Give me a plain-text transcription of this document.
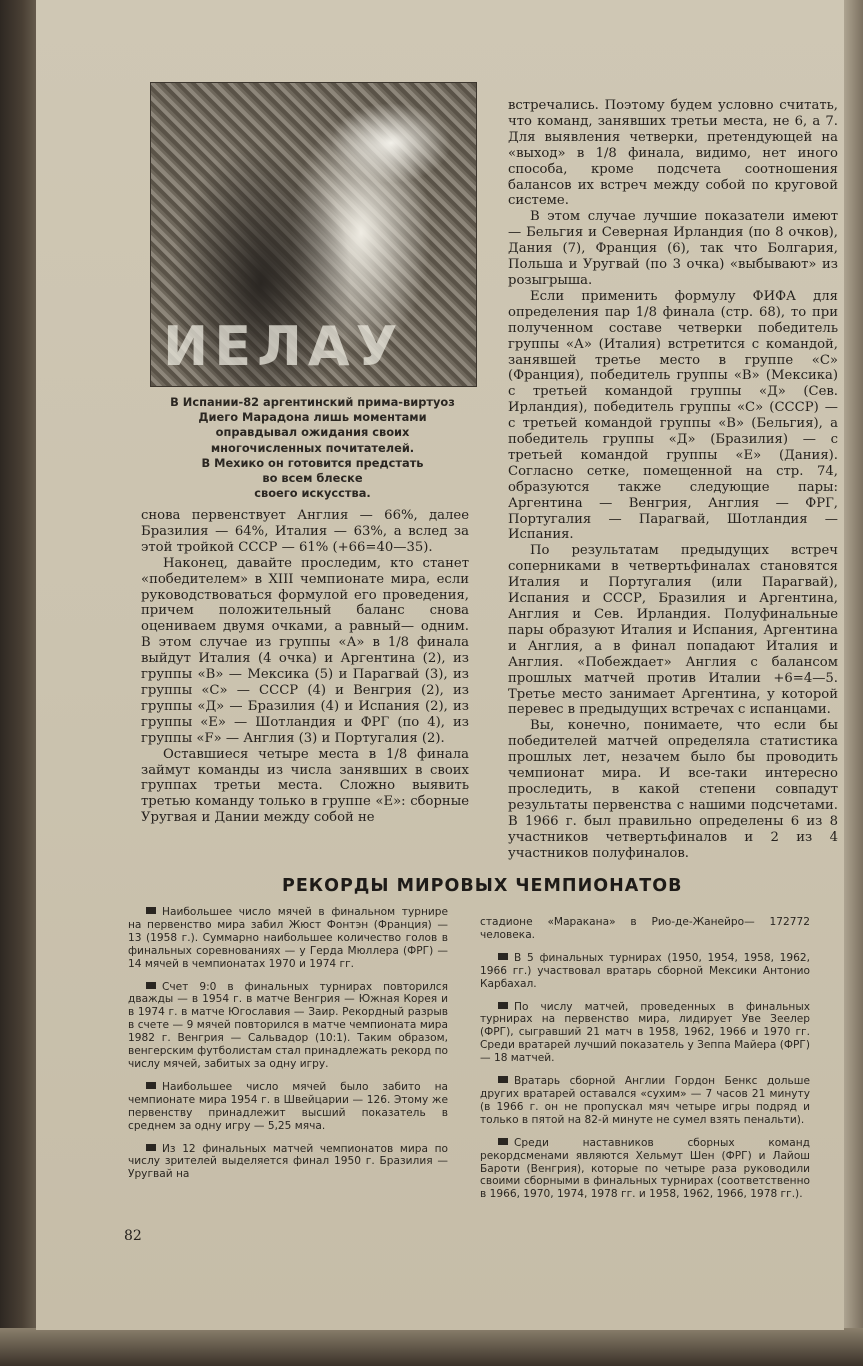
ИЕЛАУ
В Испании-82 аргентинский прима-виртуоз
Диего Марадона лишь моментами
оправдывал ожидания своих
многочисленных почитателей.
В Мехико он готовится предстать
во всем блеске
своего искусства.

встречались. Поэтому будем условно считать, что команд, занявших третьи места, не 6, а 7. Для выявления четверки, претендующей на «выход» в 1/8 финала, видимо, нет иного способа, кроме подсчета соотношения балансов их встреч между собой по круговой системе.

В этом случае лучшие показатели имеют — Бельгия и Северная Ирландия (по 8 очков), Дания (7), Франция (6), так что Болгария, Польша и Уругвай (по 3 очка) «выбывают» из розыгрыша.

Если применить формулу ФИФА для определения пар 1/8 финала (стр. 68), то при полученном составе четверки победитель группы «А» (Италия) встретится с командой, занявшей третье место в группе «С» (Франция), победитель группы «В» (Мексика) с третьей командой группы «Д» (Сев. Ирландия), победитель группы «С» (СССР) — с третьей командой группы «В» (Бельгия), а победитель группы «Д» (Бразилия) — с третьей командой группы «Е» (Дания). Согласно сетке, помещенной на стр. 74, образуются также следующие пары: Аргентина — Венгрия, Англия — ФРГ, Португалия — Парагвай, Шотландия — Испания.

По результатам предыдущих встреч соперниками в четвертьфиналах становятся Италия и Португалия (или Парагвай), Испания и СССР, Бразилия и Аргентина, Англия и Сев. Ирландия. Полуфинальные пары образуют Италия и Испания, Аргентина и Англия, а в финал попадают Италия и Англия. «Побеждает» Англия с балансом прошлых матчей против Италии +6=4—5. Третье место занимает Аргентина, у которой перевес в предыдущих встречах с испанцами.

Вы, конечно, понимаете, что если бы победителей матчей определяла статистика прошлых лет, незачем было бы проводить чемпионат мира. И все-таки интересно проследить, в какой степени совпадут результаты первенства с нашими подсчетами. В 1966 г. был правильно определены 6 из 8 участников четвертьфиналов и 2 из 4 участников полуфиналов.

снова первенствует Англия — 66%, далее Бразилия — 64%, Италия — 63%, а вслед за этой тройкой СССР — 61% (+66=40—35).

Наконец, давайте проследим, кто станет «победителем» в XIII чемпионате мира, если руководствоваться формулой его проведения, причем положительный баланс снова оцениваем двумя очками, а равный— одним. В этом случае из группы «А» в 1/8 финала выйдут Италия (4 очка) и Аргентина (2), из группы «В» — Мексика (5) и Парагвай (3), из группы «С» — СССР (4) и Венгрия (2), из группы «Д» — Бразилия (4) и Испания (2), из группы «Е» — Шотландия и ФРГ (по 4), из группы «F» — Англия (3) и Португалия (2).

Оставшиеся четыре места в 1/8 финала займут команды из числа занявших в своих группах третьи места. Сложно выявить третью команду только в группе «Е»: сборные Уругвая и Дании между собой не

РЕКОРДЫ МИРОВЫХ ЧЕМПИОНАТОВ

Наибольшее число мячей в финальном турнире на первенство мира забил Жюст Фонтэн (Франция) — 13 (1958 г.). Суммарно наибольшее количество голов в финальных соревнованиях — у Герда Мюллера (ФРГ) — 14 мячей в чемпионатах 1970 и 1974 гг.

Счет 9:0 в финальных турнирах повторился дважды — в 1954 г. в матче Венгрия — Южная Корея и в 1974 г. в матче Югославия — Заир. Рекордный разрыв в счете — 9 мячей повторился в матче чемпионата мира 1982 г. Венгрия — Сальвадор (10:1). Таким образом, венгерским футболистам стал принадлежать рекорд по числу мячей, забитых за одну игру.

Наибольшее число мячей было забито на чемпионате мира 1954 г. в Швейцарии — 126. Этому же первенству принадлежит высший показатель в среднем за одну игру — 5,25 мяча.

Из 12 финальных матчей чемпионатов мира по числу зрителей выделяется финал 1950 г. Бразилия — Уругвай на

стадионе «Маракана» в Рио-де-Жанейро— 172772 человека.

В 5 финальных турнирах (1950, 1954, 1958, 1962, 1966 гг.) участвовал вратарь сборной Мексики Антонио Карбахал.

По числу матчей, проведенных в финальных турнирах на первенство мира, лидирует Уве Зеелер (ФРГ), сыгравший 21 матч в 1958, 1962, 1966 и 1970 гг. Среди вратарей лучший показатель у Зеппа Майера (ФРГ) — 18 матчей.

Вратарь сборной Англии Гордон Бенкс дольше других вратарей оставался «сухим» — 7 часов 21 минуту (в 1966 г. он не пропускал мяч четыре игры подряд и только в пятой на 82-й минуте не сумел взять пенальти).

Среди наставников сборных команд рекордсменами являются Хельмут Шен (ФРГ) и Лайош Барoти (Венгрия), которые по четыре раза руководили своими сборными в финальных турнирах (соответственно в 1966, 1970, 1974, 1978 гг. и 1958, 1962, 1966, 1978 гг.).

82
